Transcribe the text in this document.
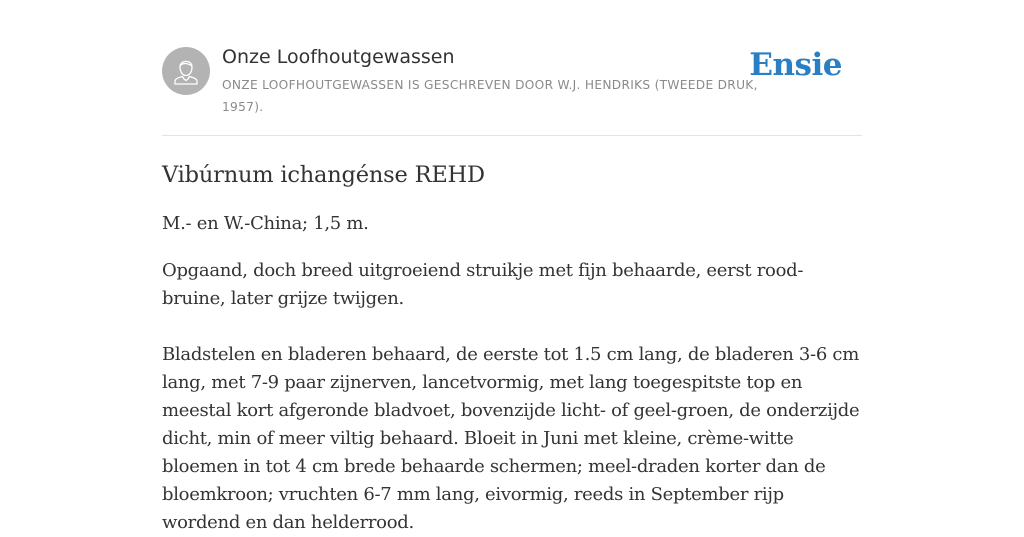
Onze Loofhoutgewassen
ONZE LOOFHOUTGEWASSEN IS GESCHREVEN DOOR W.J. HENDRIKS (TWEEDE DRUK, 1957).
Ensie
Vibúrnum ichangénse REHD

M.- en W.-China; 1,5 m.

Opgaand, doch breed uitgroeiend struikje met fijn behaarde, eerst rood-bruine, later grijze twijgen.

Bladstelen en bladeren behaard, de eerste tot 1.5 cm lang, de bladeren 3-6 cm lang, met 7-9 paar zijnerven, lancetvormig, met lang toegespitste top en meestal kort afgeronde bladvoet, bovenzijde licht- of geel-groen, de onderzijde dicht, min of meer viltig behaard. Bloeit in Juni met kleine, crème-witte bloemen in tot 4 cm brede behaarde schermen; meel-draden korter dan de bloemkroon; vruchten 6-7 mm lang, eivormig, reeds in September rijp wordend en dan helderrood.
